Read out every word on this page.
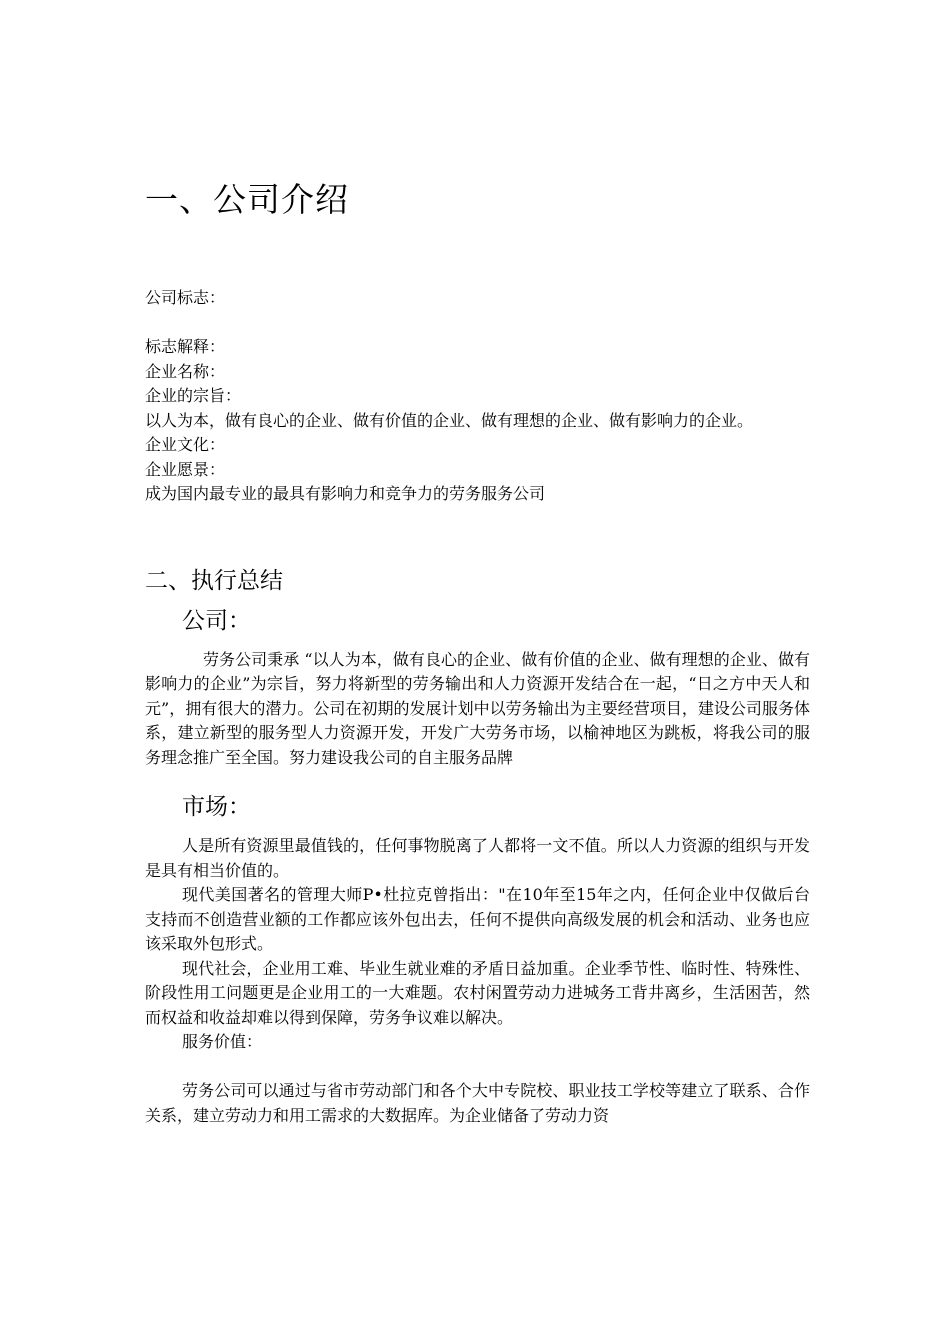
一、公司介绍
公司标志：
标志解释：
企业名称：
企业的宗旨：
以人为本，做有良心的企业、做有价值的企业、做有理想的企业、做有影响力的企业。
企业文化：
企业愿景：
成为国内最专业的最具有影响力和竞争力的劳务服务公司
二、执行总结
公司：
劳务公司秉承 “以人为本，做有良心的企业、做有价值的企业、做有理想的企业、做有影响力的企业”为宗旨，努力将新型的劳务输出和人力资源开发结合在一起，“日之方中天人和元”，拥有很大的潜力。公司在初期的发展计划中以劳务输出为主要经营项目，建设公司服务体系，建立新型的服务型人力资源开发，开发广大劳务市场，以榆神地区为跳板，将我公司的服务理念推广至全国。努力建设我公司的自主服务品牌
市场：
人是所有资源里最值钱的，任何事物脱离了人都将一文不值。所以人力资源的组织与开发是具有相当价值的。
现代美国著名的管理大师P•杜拉克曾指出："在10年至15年之内，任何企业中仅做后台支持而不创造营业额的工作都应该外包出去，任何不提供向高级发展的机会和活动、业务也应该采取外包形式。
现代社会，企业用工难、毕业生就业难的矛盾日益加重。企业季节性、临时性、特殊性、阶段性用工问题更是企业用工的一大难题。农村闲置劳动力进城务工背井离乡，生活困苦，然而权益和收益却难以得到保障，劳务争议难以解决。
服务价值：
劳务公司可以通过与省市劳动部门和各个大中专院校、职业技工学校等建立了联系、合作关系，建立劳动力和用工需求的大数据库。为企业储备了劳动力资
